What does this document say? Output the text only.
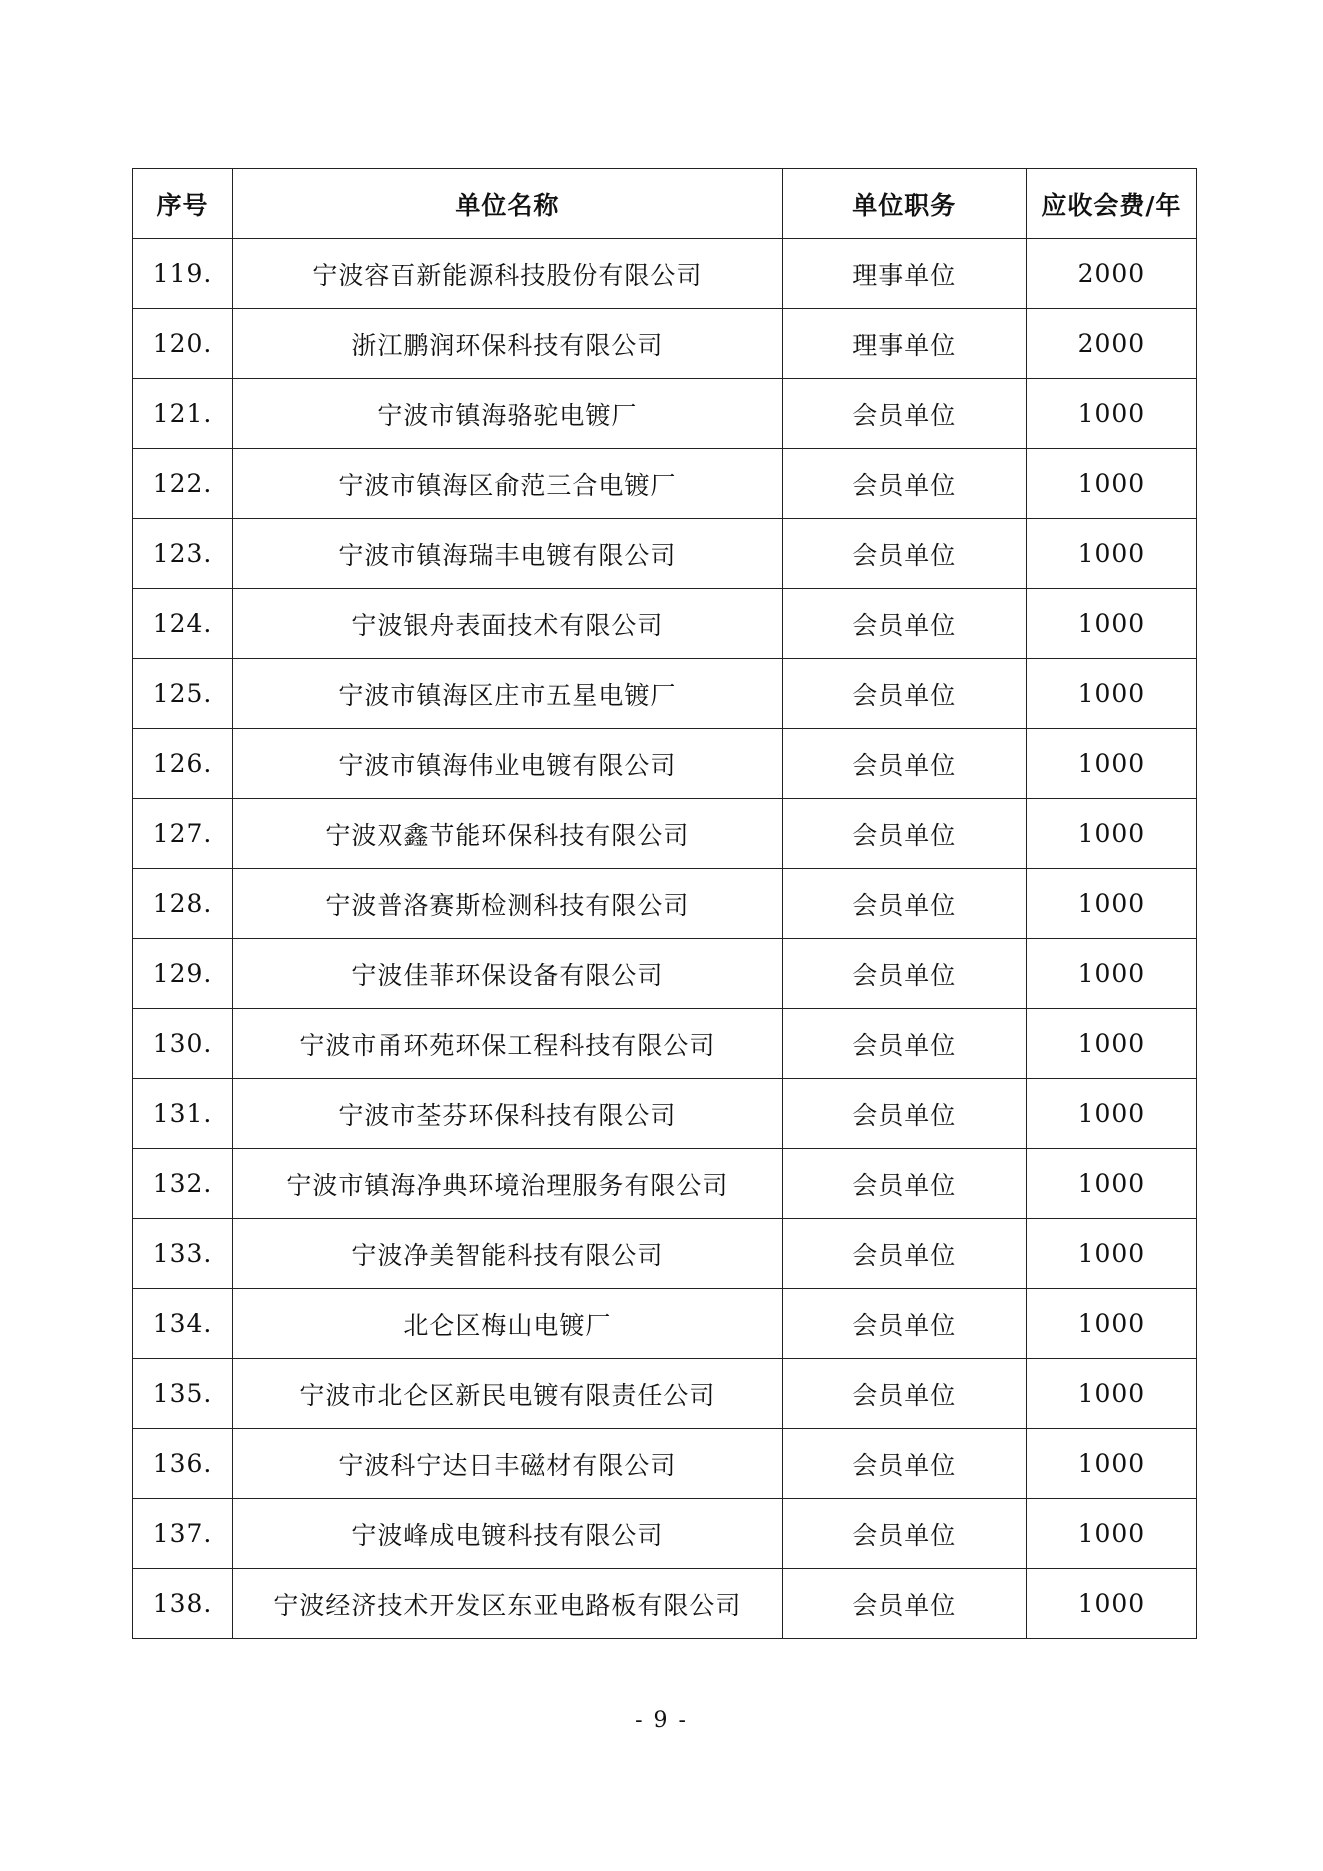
序号	单位名称	单位职务	应收会费/年
119.	宁波容百新能源科技股份有限公司	理事单位	2000
120.	浙江鹏润环保科技有限公司	理事单位	2000
121.	宁波市镇海骆驼电镀厂	会员单位	1000
122.	宁波市镇海区俞范三合电镀厂	会员单位	1000
123.	宁波市镇海瑞丰电镀有限公司	会员单位	1000
124.	宁波银舟表面技术有限公司	会员单位	1000
125.	宁波市镇海区庄市五星电镀厂	会员单位	1000
126.	宁波市镇海伟业电镀有限公司	会员单位	1000
127.	宁波双鑫节能环保科技有限公司	会员单位	1000
128.	宁波普洛赛斯检测科技有限公司	会员单位	1000
129.	宁波佳菲环保设备有限公司	会员单位	1000
130.	宁波市甬环苑环保工程科技有限公司	会员单位	1000
131.	宁波市荃芬环保科技有限公司	会员单位	1000
132.	宁波市镇海净典环境治理服务有限公司	会员单位	1000
133.	宁波净美智能科技有限公司	会员单位	1000
134.	北仑区梅山电镀厂	会员单位	1000
135.	宁波市北仑区新民电镀有限责任公司	会员单位	1000
136.	宁波科宁达日丰磁材有限公司	会员单位	1000
137.	宁波峰成电镀科技有限公司	会员单位	1000
138.	宁波经济技术开发区东亚电路板有限公司	会员单位	1000
- 9 -
